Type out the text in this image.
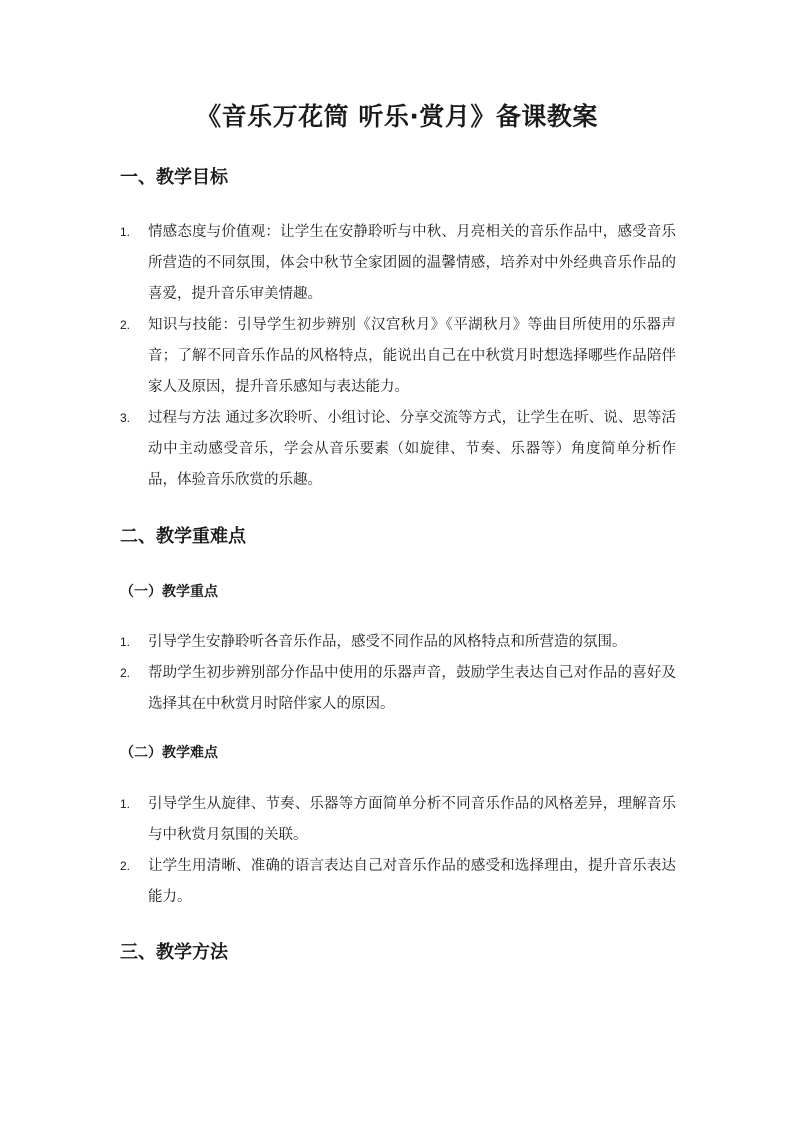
《音乐万花筒 听乐·赏月》备课教案
一、教学目标
1. 情感态度与价值观：让学生在安静聆听与中秋、月亮相关的音乐作品中，感受音乐所营造的不同氛围，体会中秋节全家团圆的温馨情感，培养对中外经典音乐作品的喜爱，提升音乐审美情趣。
2. 知识与技能：引导学生初步辨别《汉宫秋月》《平湖秋月》等曲目所使用的乐器声音；了解不同音乐作品的风格特点，能说出自己在中秋赏月时想选择哪些作品陪伴家人及原因，提升音乐感知与表达能力。
3. 过程与方法 通过多次聆听、小组讨论、分享交流等方式，让学生在听、说、思等活动中主动感受音乐，学会从音乐要素（如旋律、节奏、乐器等）角度简单分析作品，体验音乐欣赏的乐趣。
二、教学重难点
（一）教学重点
1. 引导学生安静聆听各音乐作品，感受不同作品的风格特点和所营造的氛围。
2. 帮助学生初步辨别部分作品中使用的乐器声音，鼓励学生表达自己对作品的喜好及选择其在中秋赏月时陪伴家人的原因。
（二）教学难点
1. 引导学生从旋律、节奏、乐器等方面简单分析不同音乐作品的风格差异，理解音乐与中秋赏月氛围的关联。
2. 让学生用清晰、准确的语言表达自己对音乐作品的感受和选择理由，提升音乐表达能力。
三、教学方法
